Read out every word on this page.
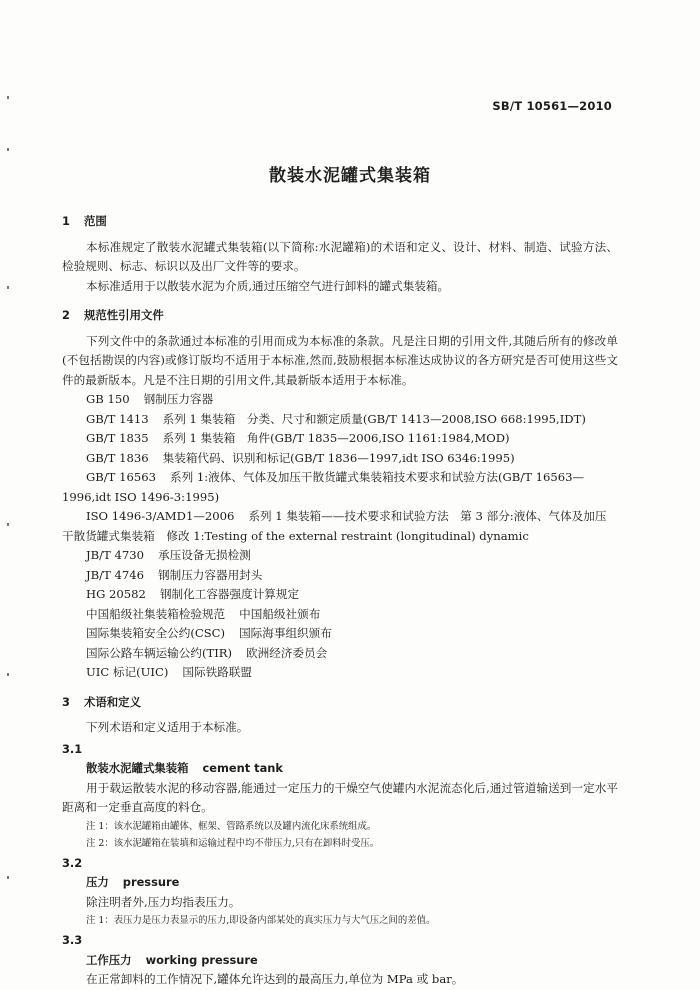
SB/T 10561—2010
散装水泥罐式集装箱
1 范围

本标准规定了散装水泥罐式集装箱(以下简称:水泥罐箱)的术语和定义、设计、材料、制造、试验方法、检验规则、标志、标识以及出厂文件等的要求。

本标准适用于以散装水泥为介质,通过压缩空气进行卸料的罐式集装箱。

2 规范性引用文件

下列文件中的条款通过本标准的引用而成为本标准的条款。凡是注日期的引用文件,其随后所有的修改单(不包括勘误的内容)或修订版均不适用于本标准,然而,鼓励根据本标准达成协议的各方研究是否可使用这些文件的最新版本。凡是不注日期的引用文件,其最新版本适用于本标准。

GB 150 钢制压力容器
GB/T 1413 系列 1 集装箱　分类、尺寸和额定质量(GB/T 1413—2008,ISO 668:1995,IDT)
GB/T 1835 系列 1 集装箱　角件(GB/T 1835—2006,ISO 1161:1984,MOD)
GB/T 1836 集装箱代码、识别和标记(GB/T 1836—1997,idt ISO 6346:1995)
GB/T 16563 系列 1:液体、气体及加压干散货罐式集装箱技术要求和试验方法(GB/T 16563—1996,idt ISO 1496-3:1995)
ISO 1496-3/AMD1—2006 系列 1 集装箱——技术要求和试验方法　第 3 部分:液体、气体及加压干散货罐式集装箱　修改 1:Testing of the external restraint (longitudinal) dynamic
JB/T 4730 承压设备无损检测
JB/T 4746 钢制压力容器用封头
HG 20582 钢制化工容器强度计算规定
中国船级社集装箱检验规范 中国船级社颁布
国际集装箱安全公约(CSC) 国际海事组织颁布
国际公路车辆运输公约(TIR) 欧洲经济委员会
UIC 标记(UIC) 国际铁路联盟
3 术语和定义

下列术语和定义适用于本标准。

3.1
散装水泥罐式集装箱 cement tank

用于载运散装水泥的移动容器,能通过一定压力的干燥空气使罐内水泥流态化后,通过管道输送到一定水平距离和一定垂直高度的料仓。

注 1：该水泥罐箱由罐体、框架、管路系统以及罐内流化床系统组成。
注 2：该水泥罐箱在装填和运输过程中均不带压力,只有在卸料时受压。
3.2
压力 pressure

除注明者外,压力均指表压力。

注 1：表压力是压力表显示的压力,即设备内部某处的真实压力与大气压之间的差值。
3.3
工作压力 working pressure

在正常卸料的工作情况下,罐体允许达到的最高压力,单位为 MPa 或 bar。
